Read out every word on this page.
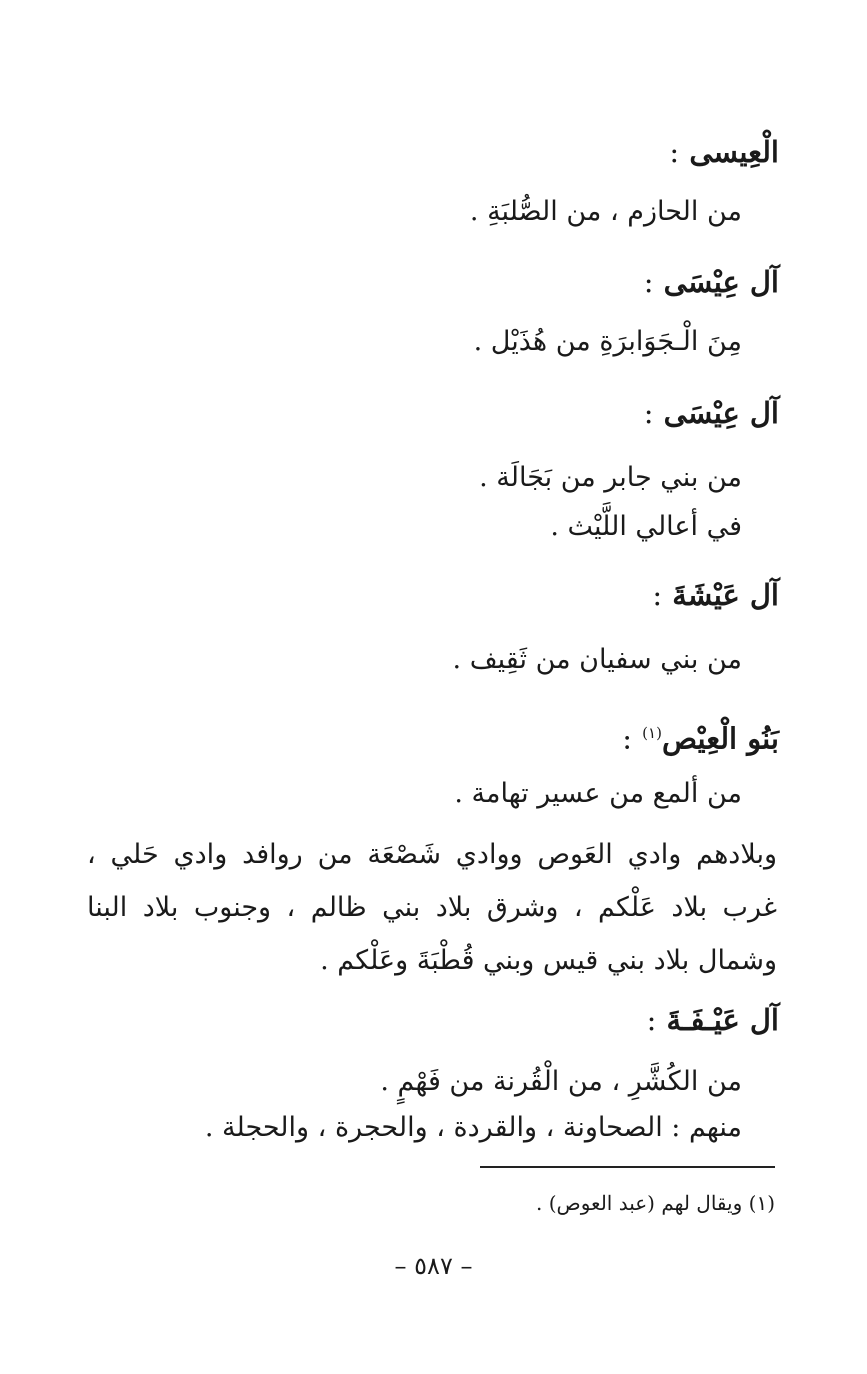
الْعِيسى :
من الحازم ، من الصُّلبَةِ .
آل عِيْسَى :
مِنَ الْـجَوَابرَةِ من هُذَيْل .
آل عِيْسَى :
من بني جابر من بَجَالَة .
في أعالي اللَّيْث .
آل عَيْشَةَ :
من بني سفيان من ثَقِيف .
بَنُو الْعِيْص$^{(١)}$ :
من ألمع من عسير تهامة .
وبلادهم وادي العَوص ووادي شَصْعَة من روافد وادي حَلي ، غرب بلاد عَلْكم ، وشرق بلاد بني ظالم ، وجنوب بلاد البنا وشمال بلاد بني قيس وبني قُطْبَةَ وعَلْكم .
آل عَيْـفَـةَ :
من الكُشَّرِ ، من الْقُرنة من فَهْمٍ .
منهم : الصحاونة ، والقردة ، والحجرة ، والحجلة .
(١) ويقال لهم (عبد العوص) .
– ٥٨٧ –
